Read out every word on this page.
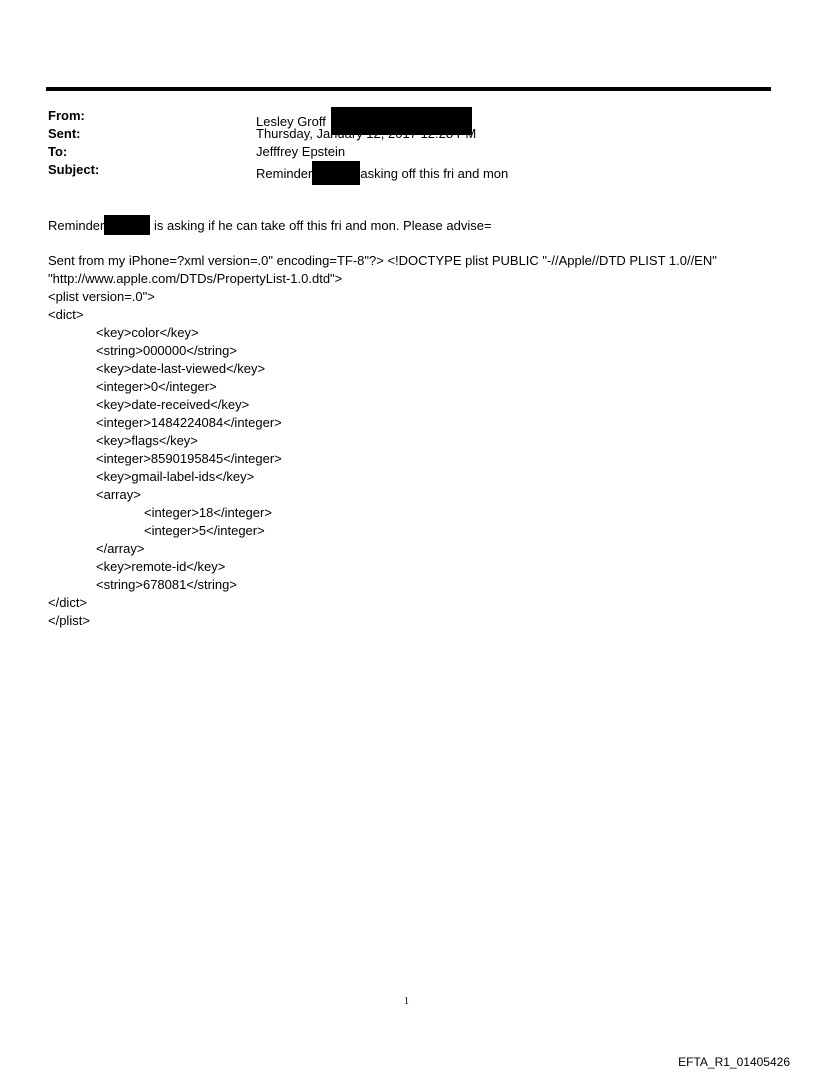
From:	Lesley Groff
Sent:	Thursday, January 12, 2017 12:28 PM
To:	Jefffrey Epstein
Subject:	Reminder	asking off this fri and mon
Reminder	is asking if he can take off this fri and mon. Please advise=
Sent from my iPhone=?xml version=.0" encoding=TF-8"?> <!DOCTYPE plist PUBLIC "-//Apple//DTD PLIST 1.0//EN"
"http://www.apple.com/DTDs/PropertyList-1.0.dtd">
<plist version=.0">
<dict>
<key>color</key>
<string>000000</string>
<key>date-last-viewed</key>
<integer>0</integer>
<key>date-received</key>
<integer>1484224084</integer>
<key>flags</key>
<integer>8590195845</integer>
<key>gmail-label-ids</key>
<array>
<integer>18</integer>
<integer>5</integer>
</array>
<key>remote-id</key>
<string>678081</string>
</dict>
</plist>
1
EFTA_R1_01405426
